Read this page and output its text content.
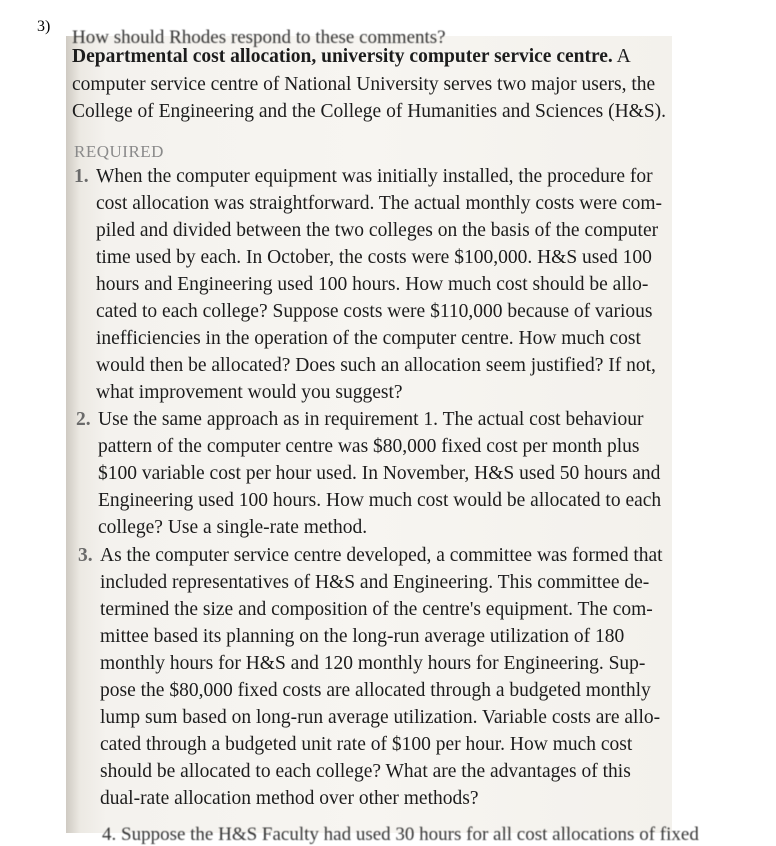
3)
How should Rhodes respond to these comments?
Departmental cost allocation, university computer service centre. A
computer service centre of National University serves two major users, the
College of Engineering and the College of Humanities and Sciences (H&S).
REQUIRED
1. When the computer equipment was initially installed, the procedure for
cost allocation was straightforward. The actual monthly costs were com-
piled and divided between the two colleges on the basis of the computer
time used by each. In October, the costs were $100,000. H&S used 100
hours and Engineering used 100 hours. How much cost should be allo-
cated to each college? Suppose costs were $110,000 because of various
inefficiencies in the operation of the computer centre. How much cost
would then be allocated? Does such an allocation seem justified? If not,
what improvement would you suggest?
2. Use the same approach as in requirement 1. The actual cost behaviour
pattern of the computer centre was $80,000 fixed cost per month plus
$100 variable cost per hour used. In November, H&S used 50 hours and
Engineering used 100 hours. How much cost would be allocated to each
college? Use a single-rate method.
3. As the computer service centre developed, a committee was formed that
included representatives of H&S and Engineering. This committee de-
termined the size and composition of the centre's equipment. The com-
mittee based its planning on the long-run average utilization of 180
monthly hours for H&S and 120 monthly hours for Engineering. Sup-
pose the $80,000 fixed costs are allocated through a budgeted monthly
lump sum based on long-run average utilization. Variable costs are allo-
cated through a budgeted unit rate of $100 per hour. How much cost
should be allocated to each college? What are the advantages of this
dual-rate allocation method over other methods?
4. Suppose the H&S Faculty had used 30 hours for all cost allocations of fixed
